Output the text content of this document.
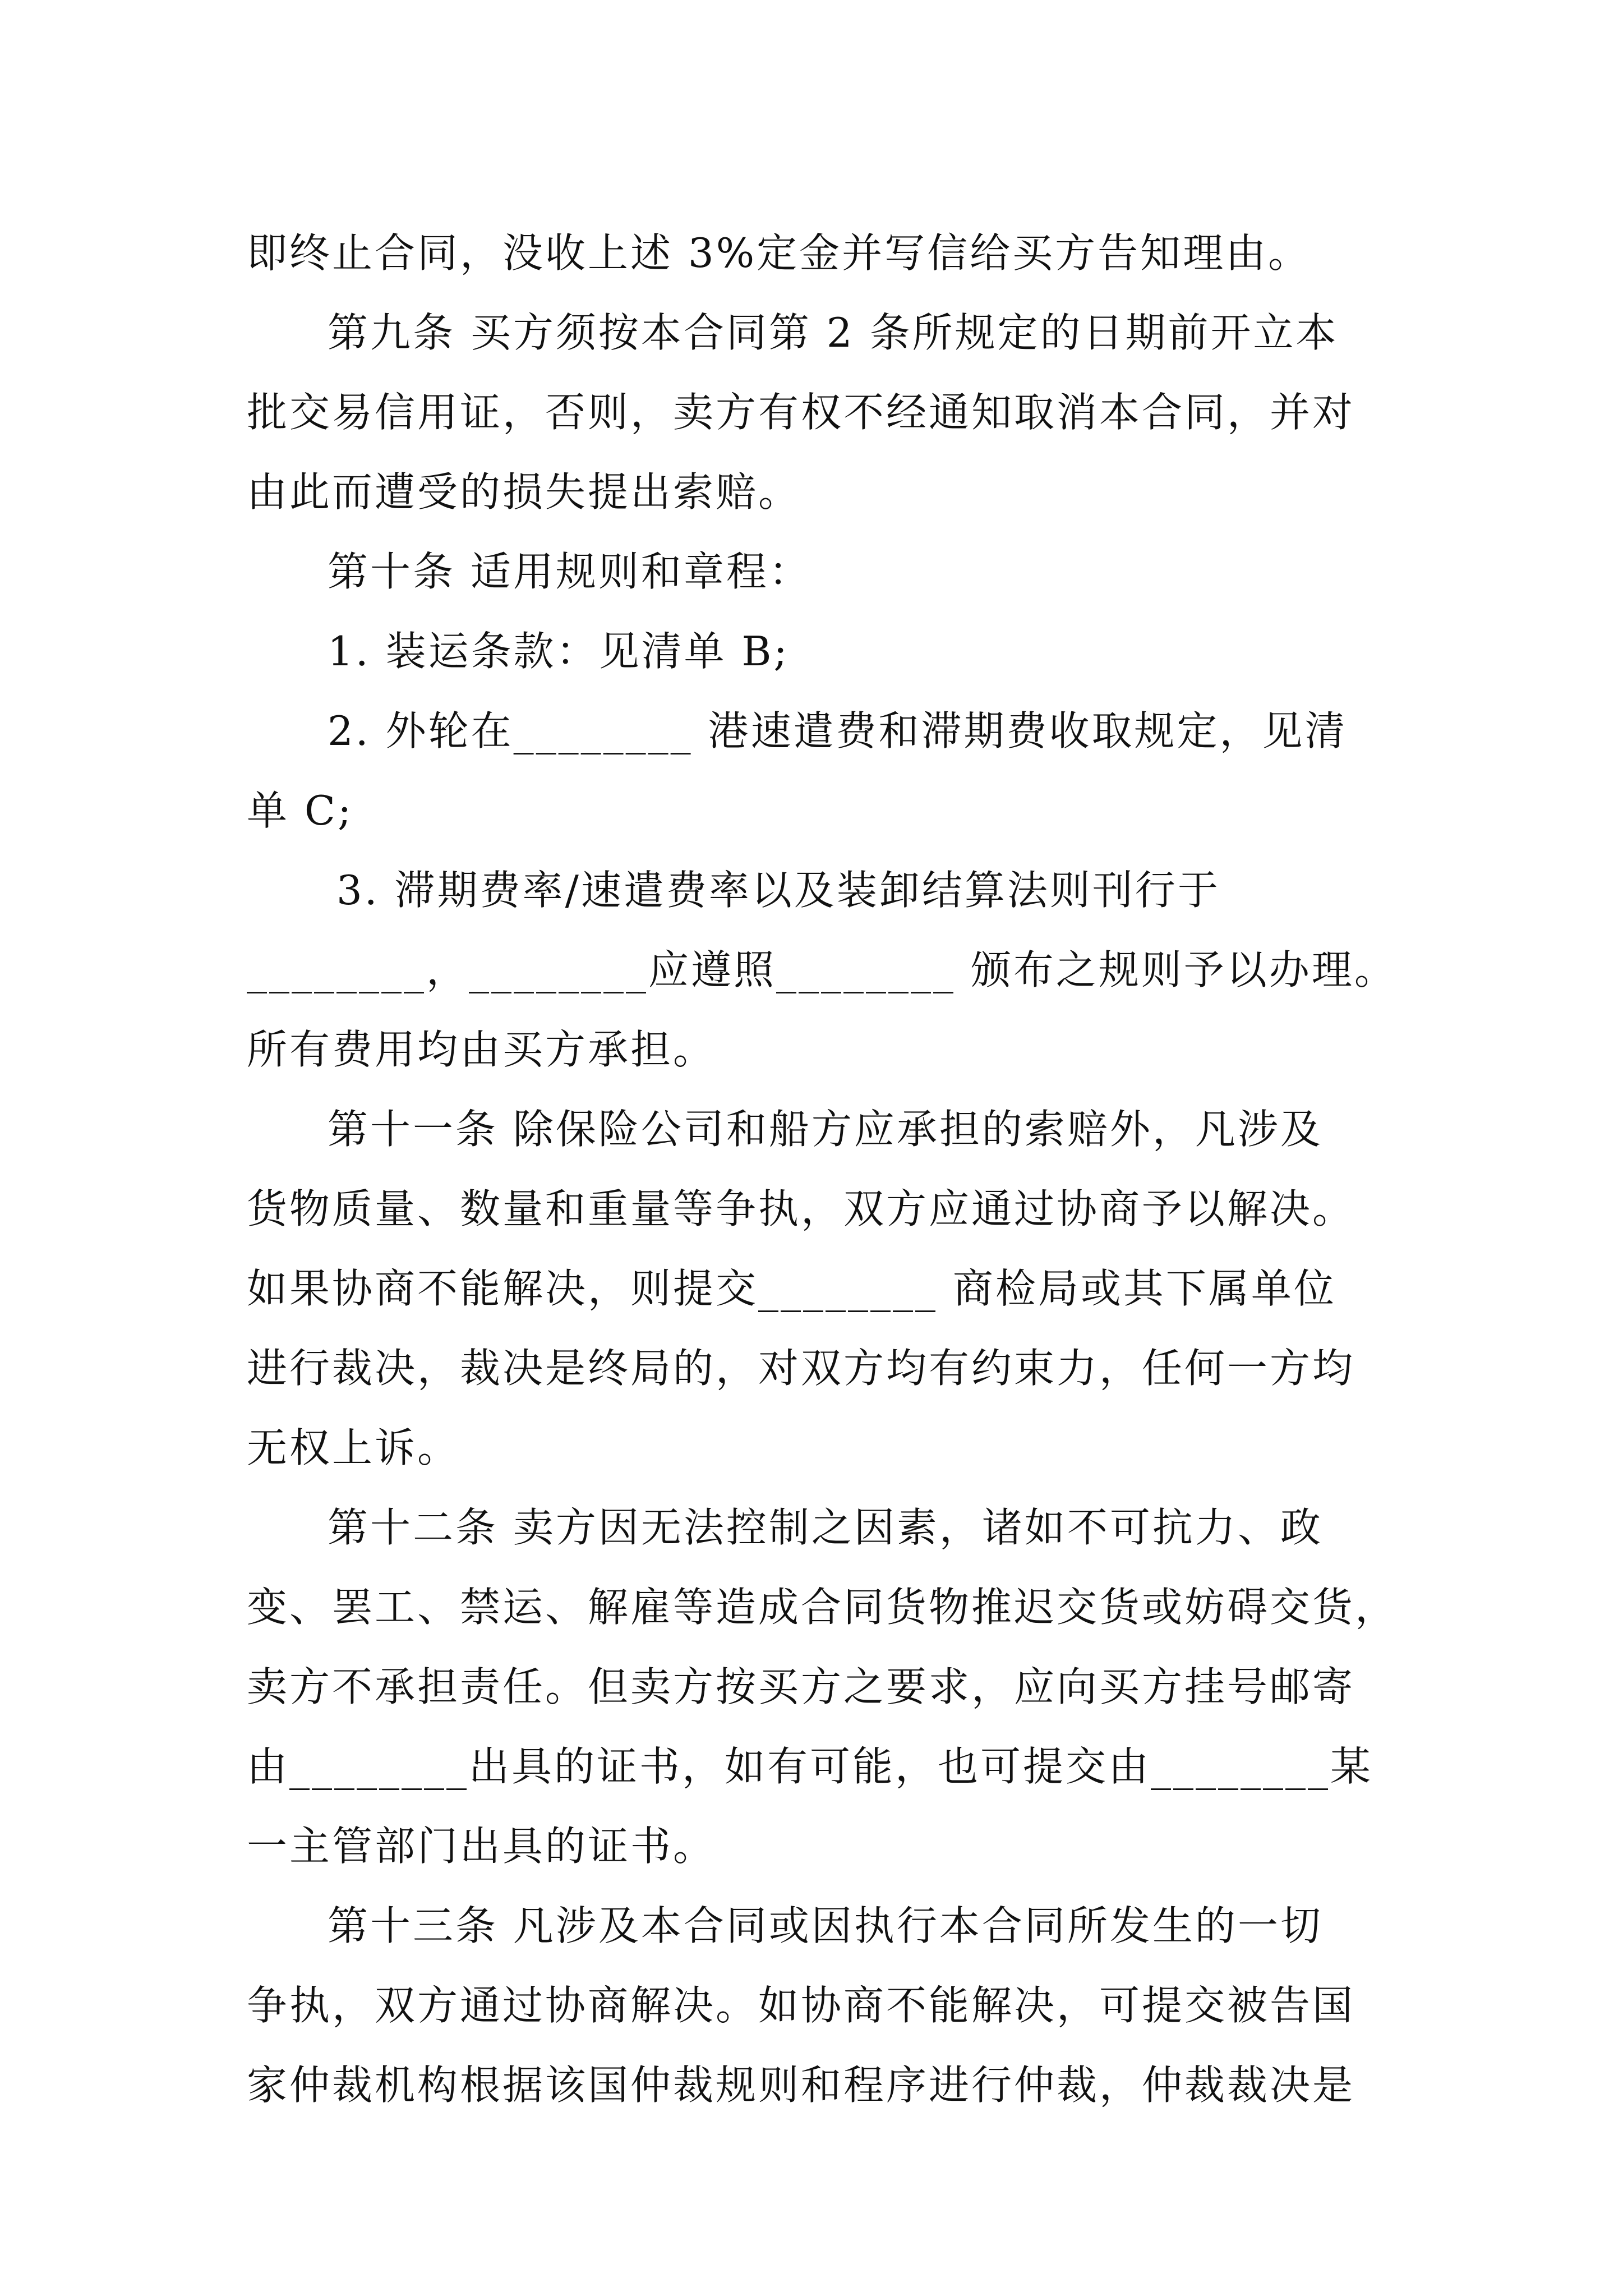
即终止合同，没收上述 3%定金并写信给买方告知理由。
第九条 买方须按本合同第 2 条所规定的日期前开立本
批交易信用证，否则，卖方有权不经通知取消本合同，并对
由此而遭受的损失提出索赔。
第十条 适用规则和章程：
1. 装运条款：见清单 B;
2. 外轮在________ 港速遣费和滞期费收取规定，见清
单 C;
3. 滞期费率/速遣费率以及装卸结算法则刊行于
________，________应遵照________ 颁布之规则予以办理。
所有费用均由买方承担。
第十一条 除保险公司和船方应承担的索赔外，凡涉及
货物质量、数量和重量等争执，双方应通过协商予以解决。
如果协商不能解决，则提交________ 商检局或其下属单位
进行裁决，裁决是终局的，对双方均有约束力，任何一方均
无权上诉。
第十二条 卖方因无法控制之因素，诸如不可抗力、政
变、罢工、禁运、解雇等造成合同货物推迟交货或妨碍交货，
卖方不承担责任。但卖方按买方之要求，应向买方挂号邮寄
由________出具的证书，如有可能，也可提交由________某
一主管部门出具的证书。
第十三条 凡涉及本合同或因执行本合同所发生的一切
争执，双方通过协商解决。如协商不能解决，可提交被告国
家仲裁机构根据该国仲裁规则和程序进行仲裁，仲裁裁决是
